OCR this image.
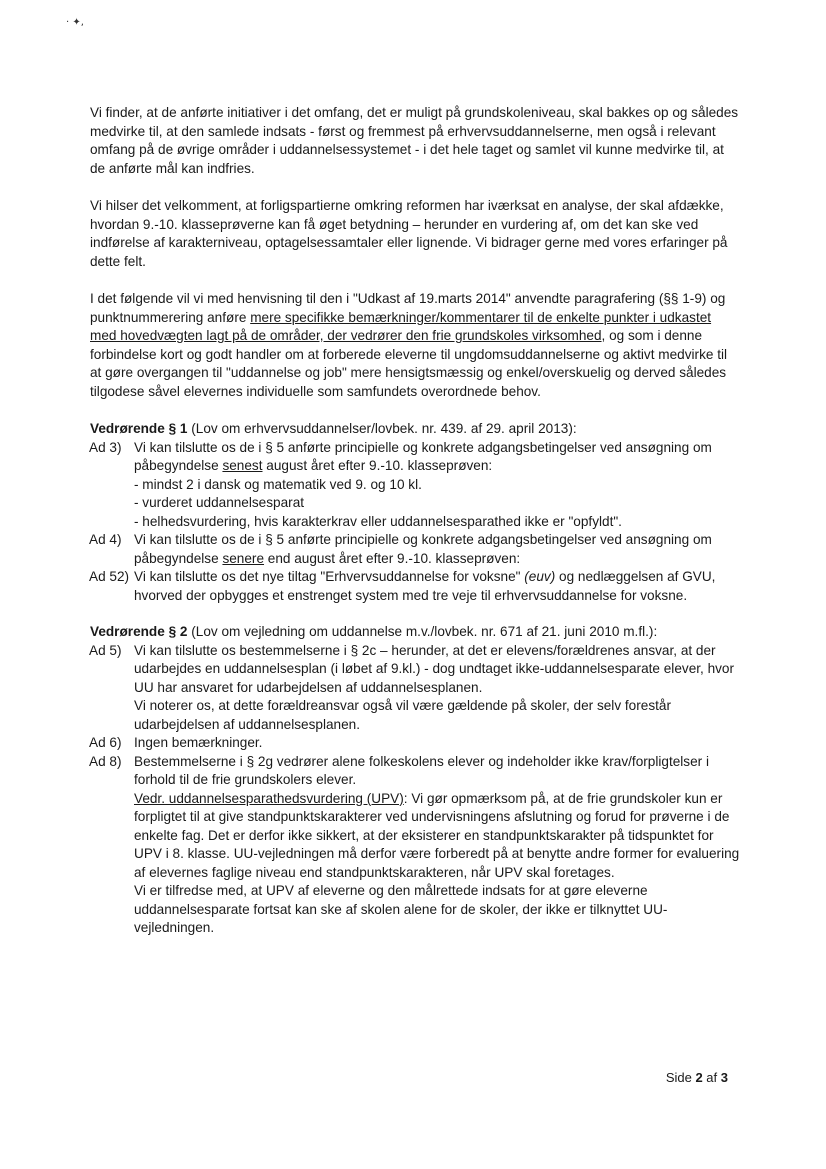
· ✦,

Vi finder, at de anførte initiativer i det omfang, det er muligt på grundskoleniveau, skal bakkes op og således medvirke til, at den samlede indsats - først og fremmest på erhvervsuddannelserne, men også i relevant omfang på de øvrige områder i uddannelsessystemet - i det hele taget og samlet vil kunne medvirke til, at de anførte mål kan indfries.

Vi hilser det velkomment, at forligspartierne omkring reformen har iværksat en analyse, der skal afdække, hvordan 9.-10. klasseprøverne kan få øget betydning – herunder en vurdering af, om det kan ske ved indførelse af karakterniveau, optagelsessamtaler eller lignende. Vi bidrager gerne med vores erfaringer på dette felt.

I det følgende vil vi med henvisning til den i "Udkast af 19.marts 2014" anvendte paragrafering (§§ 1-9) og punktnummerering anføre mere specifikke bemærkninger/kommentarer til de enkelte punkter i udkastet med hovedvægten lagt på de områder, der vedrører den frie grundskoles virksomhed, og som i denne forbindelse kort og godt handler om at forberede eleverne til ungdomsuddannelserne og aktivt medvirke til at gøre overgangen til "uddannelse og job" mere hensigtsmæssig og enkel/overskuelig og derved således tilgodese såvel elevernes individuelle som samfundets overordnede behov.

Vedrørende § 1 (Lov om erhvervsuddannelser/lovbek. nr. 439. af 29. april 2013):
Ad 3) Vi kan tilslutte os de i § 5 anførte principielle og konkrete adgangsbetingelser ved ansøgning om påbegyndelse senest august året efter 9.-10. klasseprøven:
- mindst 2 i dansk og matematik ved 9. og 10 kl.
- vurderet uddannelsesparat
- helhedsvurdering, hvis karakterkrav eller uddannelsesparathed ikke er "opfyldt".
Ad 4) Vi kan tilslutte os de i § 5 anførte principielle og konkrete adgangsbetingelser ved ansøgning om påbegyndelse senere end august året efter 9.-10. klasseprøven:
Ad 52) Vi kan tilslutte os det nye tiltag "Erhvervsuddannelse for voksne" (euv) og nedlæggelsen af GVU, hvorved der opbygges et enstrenget system med tre veje til erhvervsuddannelse for voksne.
Vedrørende § 2 (Lov om vejledning om uddannelse m.v./lovbek. nr. 671 af 21. juni 2010 m.fl.):
Ad 5) Vi kan tilslutte os bestemmelserne i § 2c – herunder, at det er elevens/forældrenes ansvar, at der udarbejdes en uddannelsesplan (i løbet af 9.kl.) - dog undtaget ikke-uddannelsesparate elever, hvor UU har ansvaret for udarbejdelsen af uddannelsesplanen.
Vi noterer os, at dette forældreansvar også vil være gældende på skoler, der selv forestår udarbejdelsen af uddannelsesplanen.
Ad 6) Ingen bemærkninger.
Ad 8) Bestemmelserne i § 2g vedrører alene folkeskolens elever og indeholder ikke krav/forpligtelser i forhold til de frie grundskolers elever.
Vedr. uddannelsesparathedsvurdering (UPV): Vi gør opmærksom på, at de frie grundskoler kun er forpligtet til at give standpunktskarakterer ved undervisningens afslutning og forud for prøverne i de enkelte fag. Det er derfor ikke sikkert, at der eksisterer en standpunktskarakter på tidspunktet for UPV i 8. klasse. UU-vejledningen må derfor være forberedt på at benytte andre former for evaluering af elevernes faglige niveau end standpunktskarakteren, når UPV skal foretages.
Vi er tilfredse med, at UPV af eleverne og den målrettede indsats for at gøre eleverne uddannelsesparate fortsat kan ske af skolen alene for de skoler, der ikke er tilknyttet UU-vejledningen.
Side 2 af 3
